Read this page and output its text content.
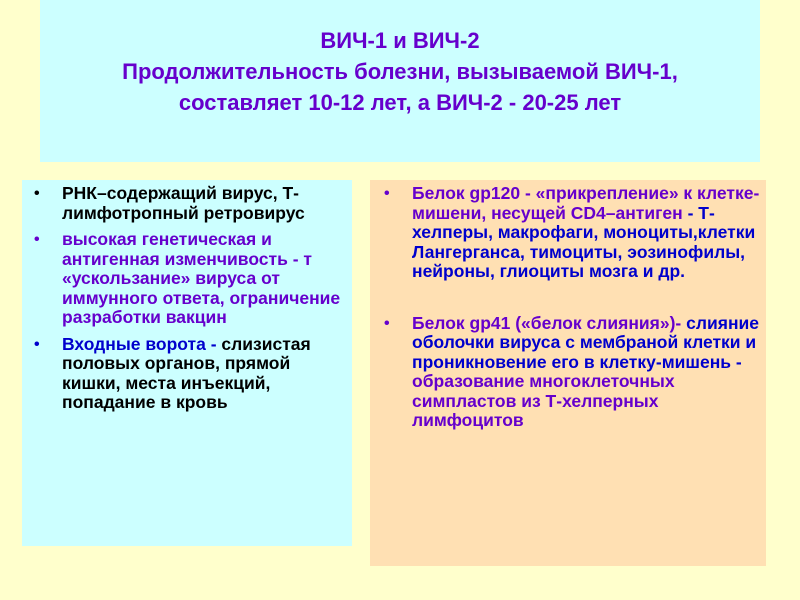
ВИЧ-1 и ВИЧ-2
Продолжительность болезни, вызываемой ВИЧ-1,
составляет 10-12 лет, а ВИЧ-2 - 20-25 лет
• РНК–содержащий вирус, Т- лимфотропный ретровирус
• высокая генетическая и антигенная изменчивость - т «ускользание» вируса от иммунного ответа, ограничение разработки вакцин
• Входные ворота - слизистая половых органов, прямой кишки, места инъекций, попадание в кровь
• Белок gp120 - «прикрепление» к клетке-мишени, несущей CD4–антиген - Т- хелперы, макрофаги, моноциты,клетки Лангерганса, тимоциты, эозинофилы, нейроны, глиоциты мозга и др.
• Белок gp41 («белок слияния»)- слияние оболочки вируса с мембраной клетки и проникновение его в клетку-мишень - образование многоклеточных симпластов из Т-хелперных лимфоцитов
